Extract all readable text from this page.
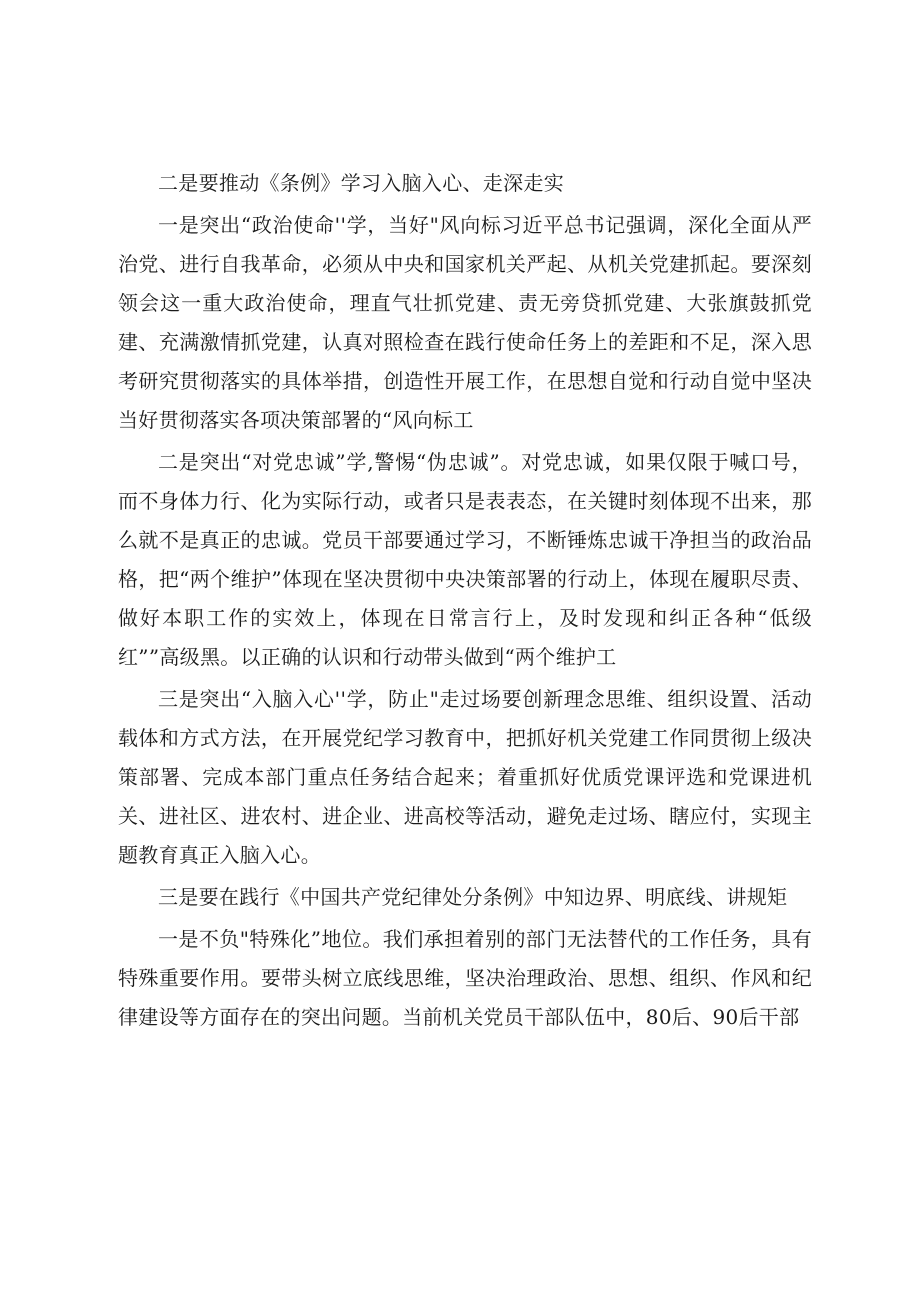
二是要推动《条例》学习入脑入心、走深走实

一是突出“政治使命''学，当好"风向标习近平总书记强调，深化全面从严治党、进行自我革命，必须从中央和国家机关严起、从机关党建抓起。要深刻领会这一重大政治使命，理直气壮抓党建、责无旁贷抓党建、大张旗鼓抓党建、充满激情抓党建，认真对照检查在践行使命任务上的差距和不足，深入思考研究贯彻落实的具体举措，创造性开展工作，在思想自觉和行动自觉中坚决当好贯彻落实各项决策部署的“风向标工

二是突出“对党忠诚”学,警惕“伪忠诚”。对党忠诚，如果仅限于喊口号，而不身体力行、化为实际行动，或者只是表表态，在关键时刻体现不出来，那么就不是真正的忠诚。党员干部要通过学习，不断锤炼忠诚干净担当的政治品格，把“两个维护”体现在坚决贯彻中央决策部署的行动上，体现在履职尽责、做好本职工作的实效上，体现在日常言行上，及时发现和纠正各种“低级红””高级黑。以正确的认识和行动带头做到“两个维护工

三是突出“入脑入心''学，防止"走过场要创新理念思维、组织设置、活动载体和方式方法，在开展党纪学习教育中，把抓好机关党建工作同贯彻上级决策部署、完成本部门重点任务结合起来；着重抓好优质党课评选和党课进机关、进社区、进农村、进企业、进高校等活动，避免走过场、瞎应付，实现主题教育真正入脑入心。

三是要在践行《中国共产党纪律处分条例》中知边界、明底线、讲规矩

一是不负"特殊化”地位。我们承担着别的部门无法替代的工作任务，具有特殊重要作用。要带头树立底线思维，坚决治理政治、思想、组织、作风和纪律建设等方面存在的突出问题。当前机关党员干部队伍中，80后、90后干部
